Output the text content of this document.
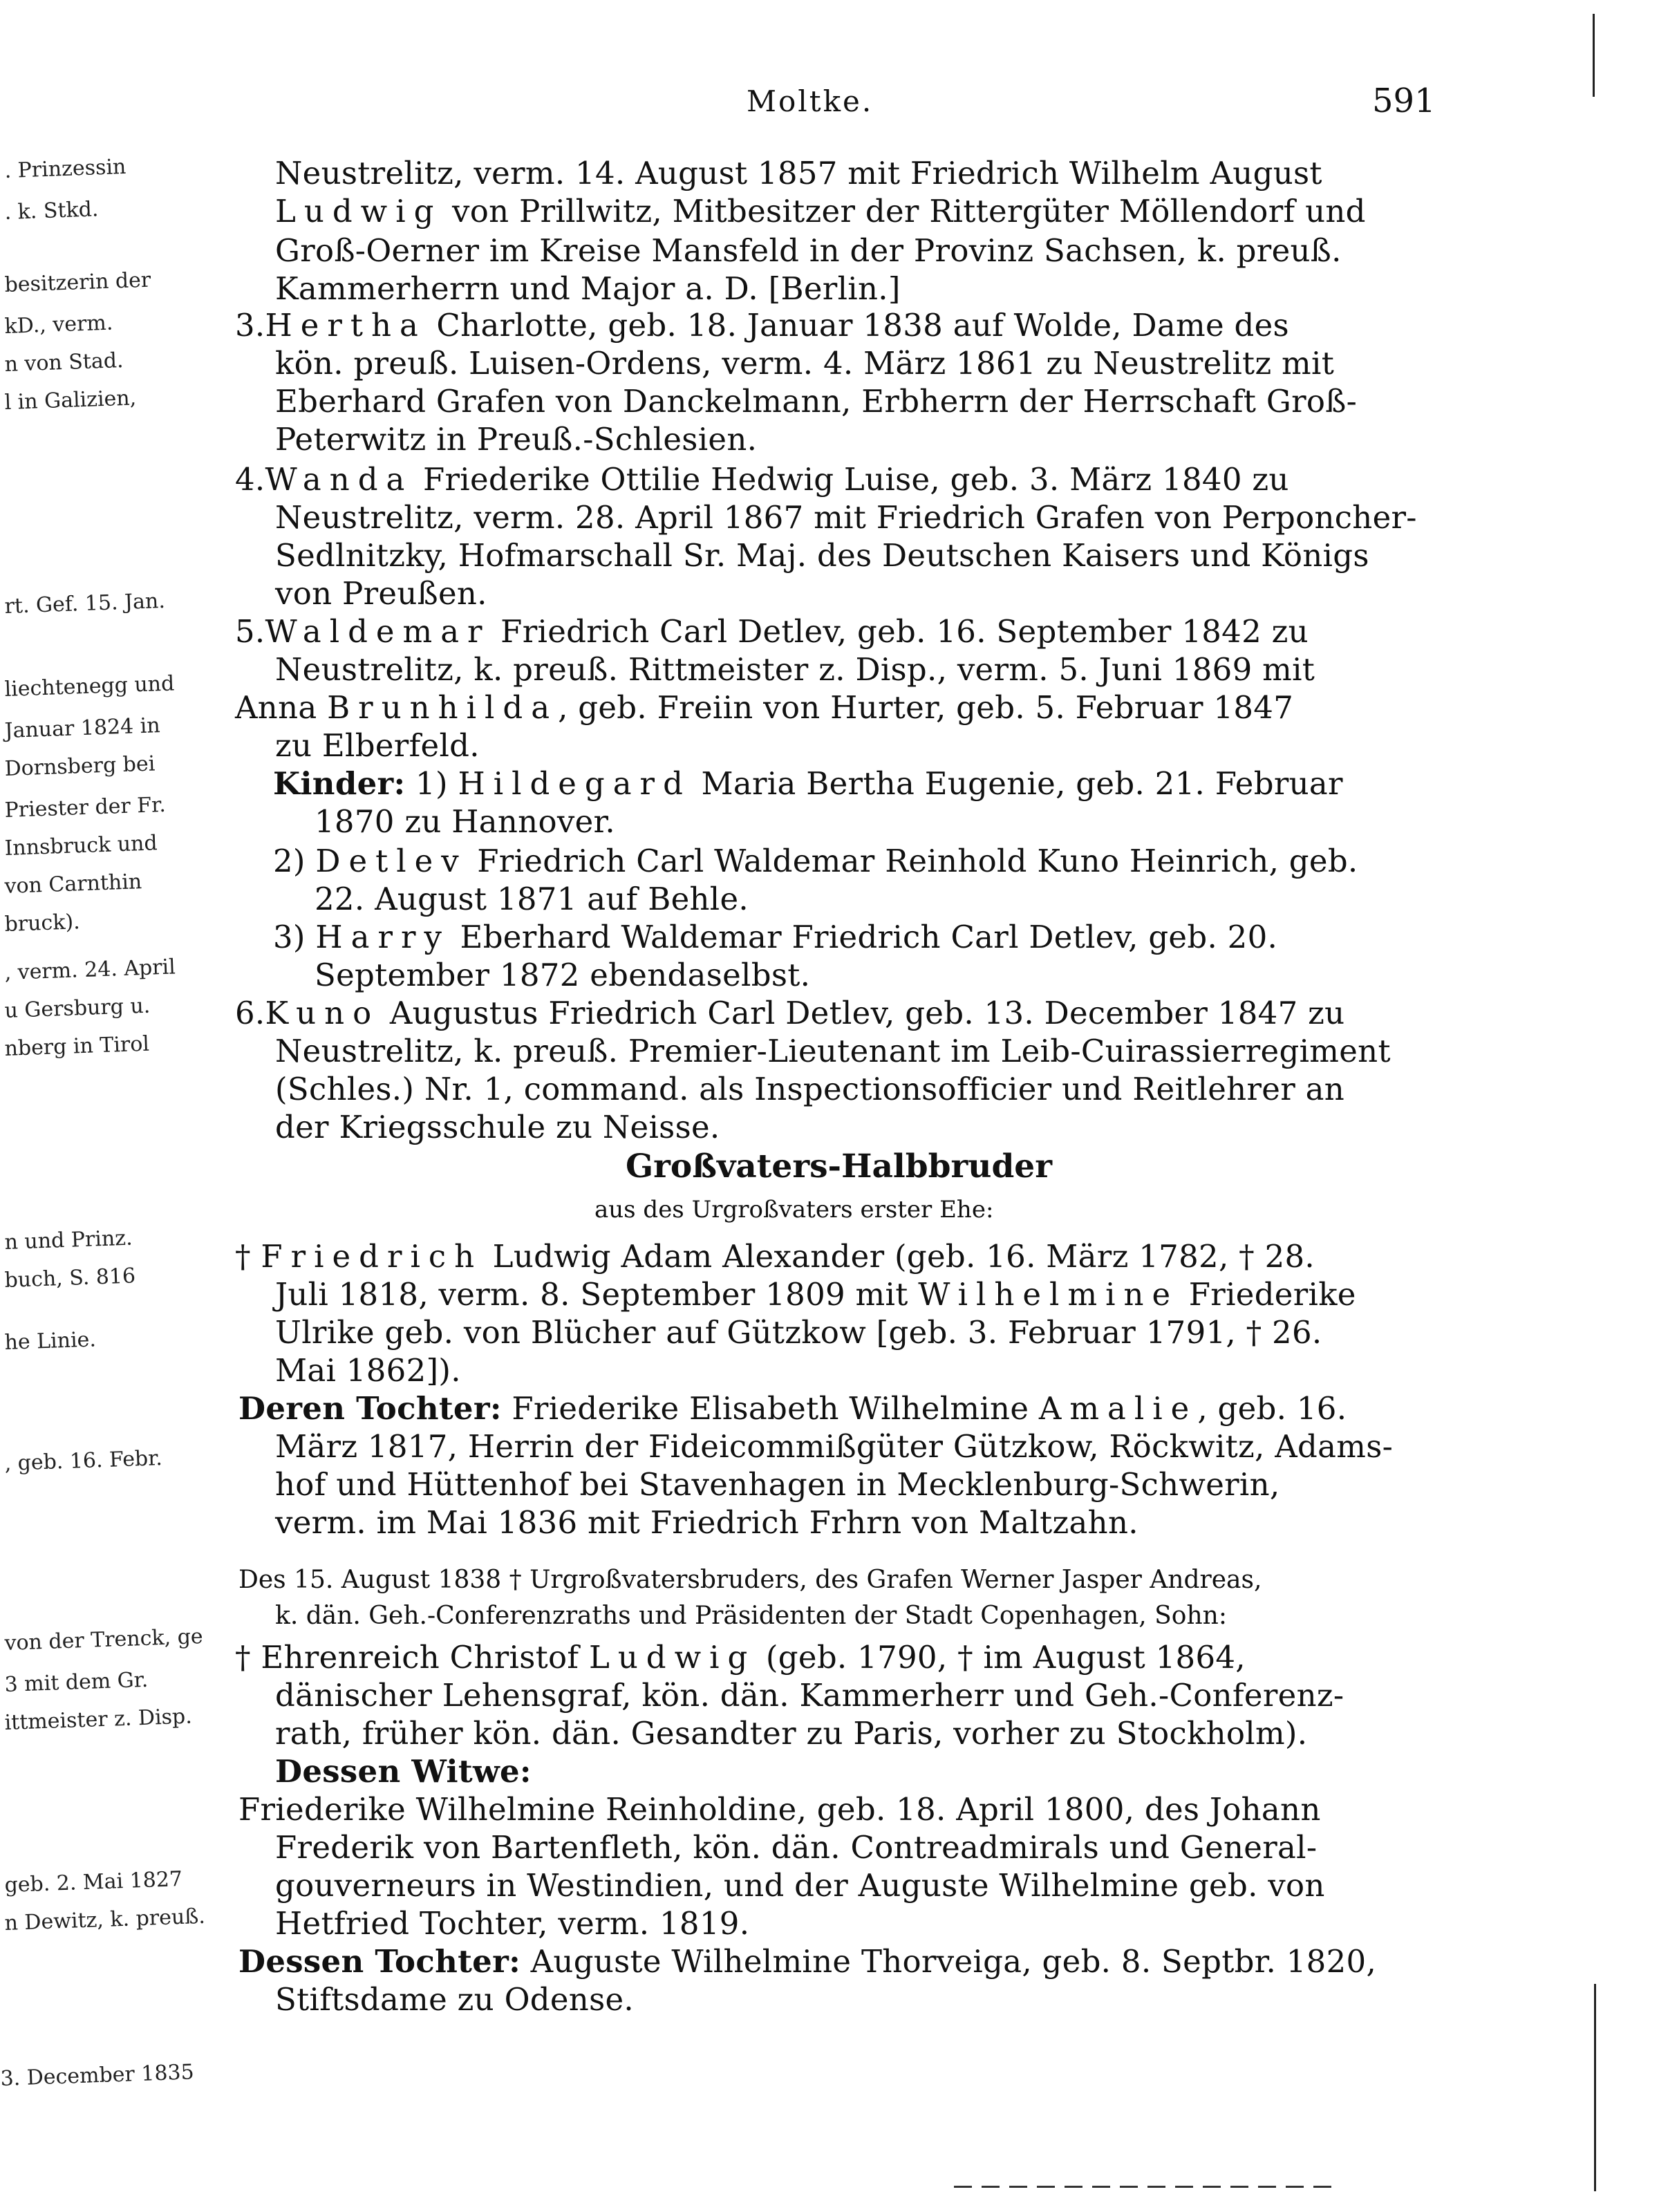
. Prinzessin
. k. Stkd.
besitzerin der
kD., verm.
n von Stad.
l in Galizien,
rt. Gef. 15. Jan.
liechtenegg und
Januar 1824 in
Dornsberg bei
Priester der Fr.
Innsbruck und
von Carnthin
bruck).
, verm. 24. April
u Gersburg u.
nberg in Tirol
n und Prinz.
buch, S. 816
he Linie.
, geb. 16. Febr.
von der Trenck, ge
3 mit dem Gr.
ittmeister z. Disp.
geb. 2. Mai 1827
n Dewitz, k. preuß.
3. December 1835
Moltke.	591
Neustrelitz, verm. 14. August 1857 mit Friedrich Wilhelm August
Ludwig von Prillwitz, Mitbesitzer der Rittergüter Möllendorf und
Groß-Oerner im Kreise Mansfeld in der Provinz Sachsen, k. preuß.
Kammerherrn und Major a. D. [Berlin.]
3.Hertha Charlotte, geb. 18. Januar 1838 auf Wolde, Dame des
kön. preuß. Luisen-Ordens, verm. 4. März 1861 zu Neustrelitz mit
Eberhard Grafen von Danckelmann, Erbherrn der Herrschaft Groß-
Peterwitz in Preuß.-Schlesien.
4.Wanda Friederike Ottilie Hedwig Luise, geb. 3. März 1840 zu
Neustrelitz, verm. 28. April 1867 mit Friedrich Grafen von Perponcher-
Sedlnitzky, Hofmarschall Sr. Maj. des Deutschen Kaisers und Königs
von Preußen.
5.Waldemar Friedrich Carl Detlev, geb. 16. September 1842 zu
Neustrelitz, k. preuß. Rittmeister z. Disp., verm. 5. Juni 1869 mit
Anna Brunhilda, geb. Freiin von Hurter, geb. 5. Februar 1847
zu Elberfeld.
Kinder: 1) Hildegard Maria Bertha Eugenie, geb. 21. Februar
1870 zu Hannover.
2) Detlev Friedrich Carl Waldemar Reinhold Kuno Heinrich, geb.
22. August 1871 auf Behle.
3) Harry Eberhard Waldemar Friedrich Carl Detlev, geb. 20.
September 1872 ebendaselbst.
6.Kuno Augustus Friedrich Carl Detlev, geb. 13. December 1847 zu
Neustrelitz, k. preuß. Premier-Lieutenant im Leib-Cuirassierregiment
(Schles.) Nr. 1, command. als Inspectionsofficier und Reitlehrer an
der Kriegsschule zu Neisse.
Großvaters-Halbbruder
aus des Urgroßvaters erster Ehe:
† Friedrich Ludwig Adam Alexander (geb. 16. März 1782, † 28.
Juli 1818, verm. 8. September 1809 mit Wilhelmine Friederike
Ulrike geb. von Blücher auf Gützkow [geb. 3. Februar 1791, † 26.
Mai 1862]).
Deren Tochter: Friederike Elisabeth Wilhelmine Amalie, geb. 16.
März 1817, Herrin der Fideicommißgüter Gützkow, Röckwitz, Adams-
hof und Hüttenhof bei Stavenhagen in Mecklenburg-Schwerin,
verm. im Mai 1836 mit Friedrich Frhrn von Maltzahn.
Des 15. August 1838 † Urgroßvatersbruders, des Grafen Werner Jasper Andreas,
k. dän. Geh.-Conferenzraths und Präsidenten der Stadt Copenhagen, Sohn:
† Ehrenreich Christof Ludwig (geb. 1790, † im August 1864,
dänischer Lehensgraf, kön. dän. Kammerherr und Geh.-Conferenz-
rath, früher kön. dän. Gesandter zu Paris, vorher zu Stockholm).
Dessen Witwe:
Friederike Wilhelmine Reinholdine, geb. 18. April 1800, des Johann
Frederik von Bartenfleth, kön. dän. Contreadmirals und General-
gouverneurs in Westindien, und der Auguste Wilhelmine geb. von
Hetfried Tochter, verm. 1819.
Dessen Tochter: Auguste Wilhelmine Thorveiga, geb. 8. Septbr. 1820,
Stiftsdame zu Odense.
